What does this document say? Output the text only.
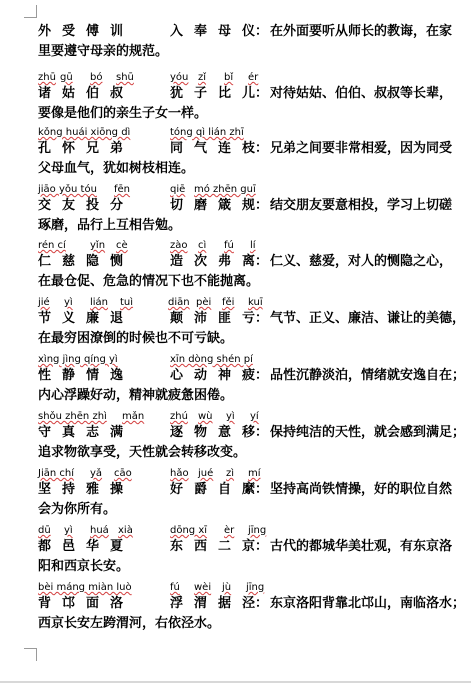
外 受 傅 训	入 奉 母 仪： 在外面要听从师长的教诲，在家
里要遵守母亲的规范。
zhū gū bó shū	yóu zǐ bǐ ér
诸 姑 伯 叔	犹 子 比 儿： 对待姑姑、伯伯、叔叔等长辈，
要像是他们的亲生子女一样。
kǒng huái xiōng dì	tóng qì lián zhī
孔 怀 兄 弟	同 气 连 枝： 兄弟之间要非常相爱，因为同受
父母血气，犹如树枝相连。
jiāo yǒu tóu fēn	qiē mó zhēn guī
交 友 投 分	切 磨 箴 规： 结交朋友要意相投，学习上切磋
琢磨，品行上互相告勉。
rén cí yǐn cè	zào cì fú lí
仁 慈 隐 恻	造 次 弗 离： 仁义、慈爱，对人的恻隐之心，
在最仓促、危急的情况下也不能抛离。
jié yì lián tuì	diān pèi fěi kuī
节 义 廉 退	颠 沛 匪 亏： 气节、正义、廉洁、谦让的美德，
在最穷困潦倒的时候也不可亏缺。
xìng jìng qíng yì	xīn dòng shén pí
性 静 情 逸	心 动 神 疲： 品性沉静淡泊，情绪就安逸自在；
内心浮躁好动，精神就疲惫困倦。
shǒu zhēn zhì mǎn	zhú wù yì yí
守 真 志 满	逐 物 意 移： 保持纯洁的天性，就会感到满足；
追求物欲享受，天性就会转移改变。
Jiān chí yǎ cāo	hǎo jué zì mí
坚 持 雅 操	好 爵 自 縻： 坚持高尚铁情操，好的职位自然
会为你所有。
dū yì huá xià	dōng xī èr jīng
都 邑 华 夏	东 西 二 京： 古代的都城华美壮观，有东京洛
阳和西京长安。
bèi máng miàn luò	fú wèi jù jīng
背 邙 面 洛	浮 渭 据 泾： 东京洛阳背靠北邙山，南临洛水；
西京长安左跨渭河，右依泾水。
